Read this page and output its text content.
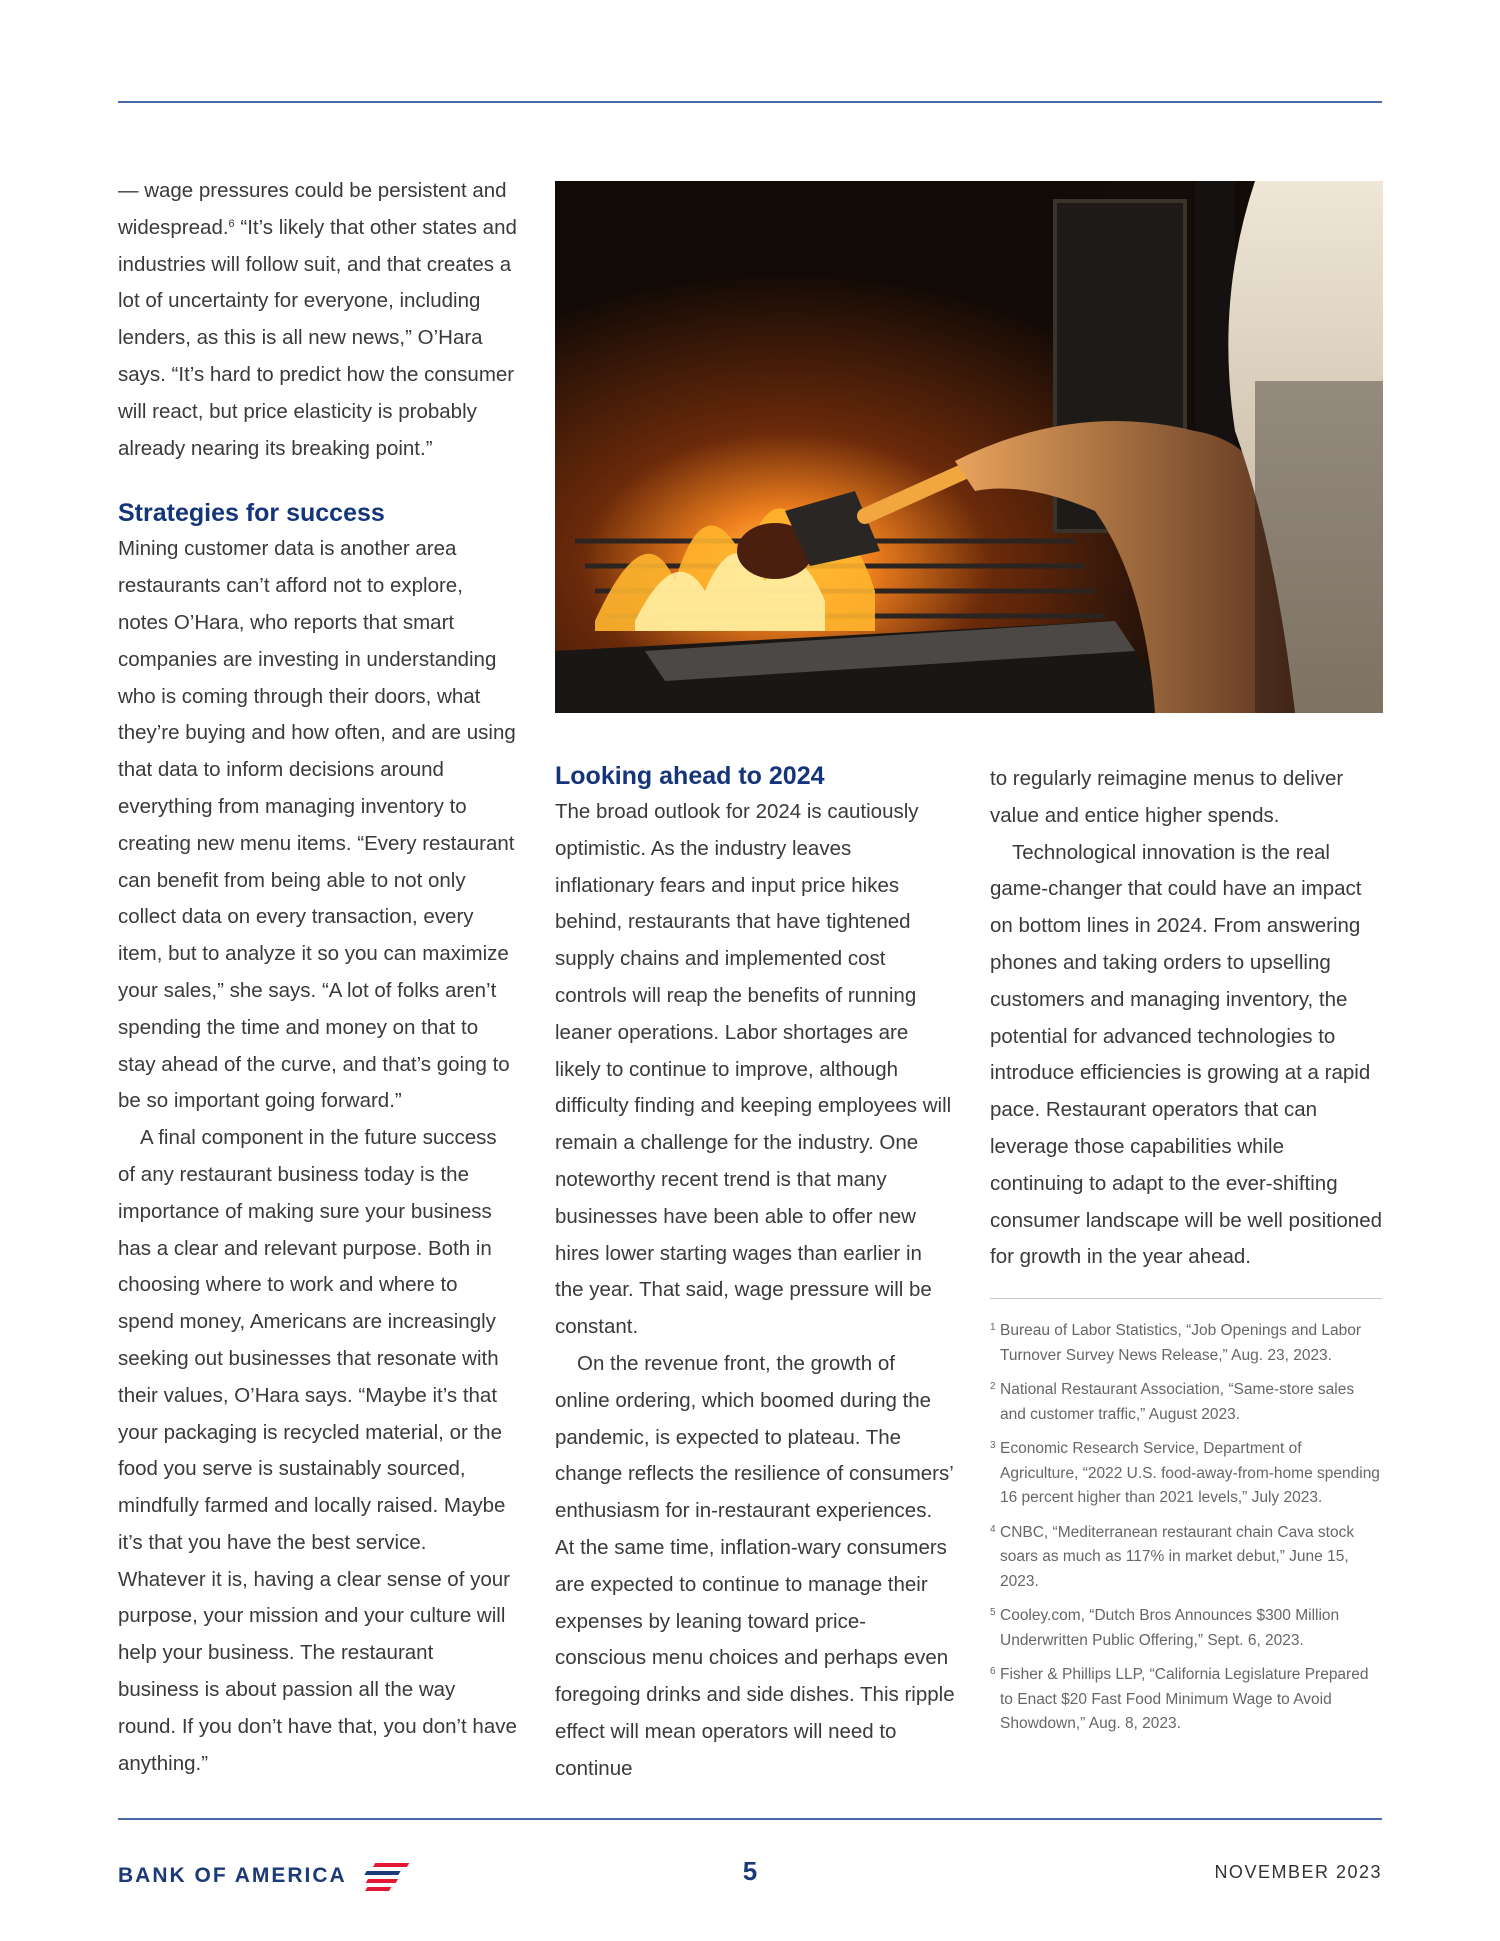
— wage pressures could be persistent and widespread.$^6$ “It’s likely that other states and industries will follow suit, and that creates a lot of uncertainty for everyone, including lenders, as this is all new news,” O’Hara says. “It’s hard to predict how the consumer will react, but price elasticity is probably already nearing its breaking point.”

Strategies for success

Mining customer data is another area restaurants can’t afford not to explore, notes O’Hara, who reports that smart companies are investing in understanding who is coming through their doors, what they’re buying and how often, and are using that data to inform decisions around everything from managing inventory to creating new menu items. “Every restaurant can benefit from being able to not only collect data on every transaction, every item, but to analyze it so you can maximize your sales,” she says. “A lot of folks aren’t spending the time and money on that to stay ahead of the curve, and that’s going to be so important going forward.”

A final component in the future success of any restaurant business today is the importance of making sure your business has a clear and relevant purpose. Both in choosing where to work and where to spend money, Americans are increasingly seeking out businesses that resonate with their values, O’Hara says. “Maybe it’s that your packaging is recycled material, or the food you serve is sustainably sourced, mindfully farmed and locally raised. Maybe it’s that you have the best service. Whatever it is, having a clear sense of your purpose, your mission and your culture will help your business. The restaurant business is about passion all the way round. If you don’t have that, you don’t have anything.”

Looking ahead to 2024

The broad outlook for 2024 is cautiously optimistic. As the industry leaves inflationary fears and input price hikes behind, restaurants that have tightened supply chains and implemented cost controls will reap the benefits of running leaner operations. Labor shortages are likely to continue to improve, although difficulty finding and keeping employees will remain a challenge for the industry. One noteworthy recent trend is that many businesses have been able to offer new hires lower starting wages than earlier in the year. That said, wage pressure will be constant.

On the revenue front, the growth of online ordering, which boomed during the pandemic, is expected to plateau. The change reflects the resilience of consumers’ enthusiasm for in-restaurant experiences. At the same time, inflation-wary consumers are expected to continue to manage their expenses by leaning toward price-conscious menu choices and perhaps even foregoing drinks and side dishes. This ripple effect will mean operators will need to continue

to regularly reimagine menus to deliver value and entice higher spends.

Technological innovation is the real game-changer that could have an impact on bottom lines in 2024. From answering phones and taking orders to upselling customers and managing inventory, the potential for advanced technologies to introduce efficiencies is growing at a rapid pace. Restaurant operators that can leverage those capabilities while continuing to adapt to the ever-shifting consumer landscape will be well positioned for growth in the year ahead.

1 Bureau of Labor Statistics, “Job Openings and Labor Turnover Survey News Release,” Aug. 23, 2023.

2 National Restaurant Association, “Same-store sales and customer traffic,” August 2023.

3 Economic Research Service, Department of Agriculture, “2022 U.S. food-away-from-home spending 16 percent higher than 2021 levels,” July 2023.

4 CNBC, “Mediterranean restaurant chain Cava stock soars as much as 117% in market debut,” June 15, 2023.

5 Cooley.com, “Dutch Bros Announces $300 Million Underwritten Public Offering,” Sept. 6, 2023.

6 Fisher & Phillips LLP, “California Legislature Prepared to Enact $20 Fast Food Minimum Wage to Avoid Showdown,” Aug. 8, 2023.

BANK OF AMERICA	5	NOVEMBER 2023
